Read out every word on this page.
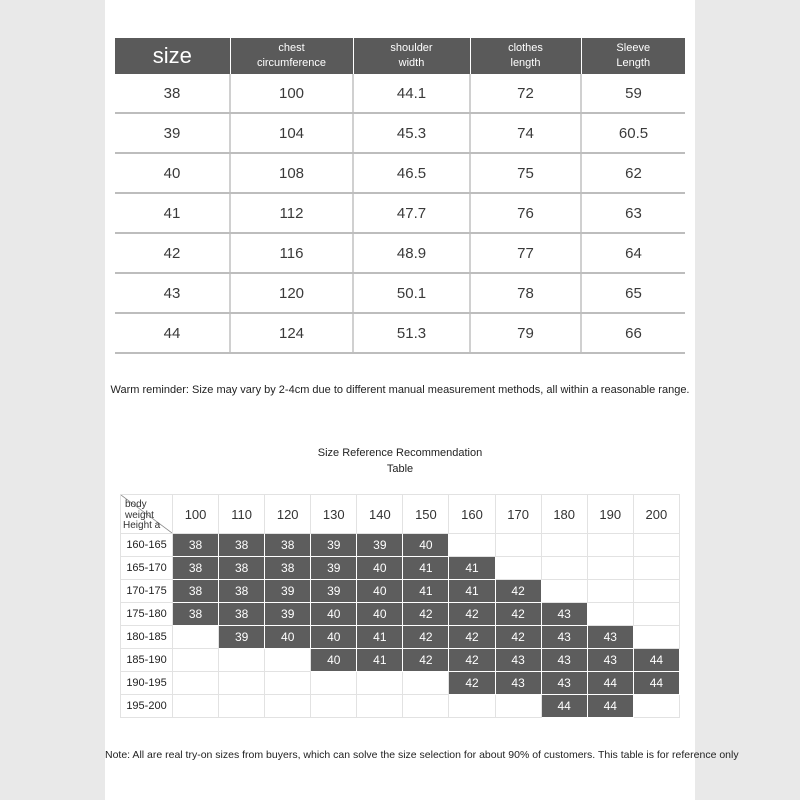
size	chest circumference	shoulder width	clothes length	Sleeve Length
38	100	44.1	72	59
39	104	45.3	74	60.5
40	108	46.5	75	62
41	112	47.7	76	63
42	116	48.9	77	64
43	120	50.1	78	65
44	124	51.3	79	66
Warm reminder: Size may vary by 2-4cm due to different manual measurement methods, all within a reasonable range.
Size Reference Recommendation
Table
body weight
Height a	100	110	120	130	140	150	160	170	180	190	200
160-165	38	38	38	39	39	40					
165-170	38	38	38	39	40	41	41				
170-175	38	38	39	39	40	41	41	42			
175-180	38	38	39	40	40	42	42	42	43		
180-185		39	40	40	41	42	42	42	43	43	
185-190				40	41	42	42	43	43	43	44
190-195							42	43	43	44	44
195-200									44	44	
Note: All are real try-on sizes from buyers, which can solve the size selection for about 90% of customers. This table is for reference only
